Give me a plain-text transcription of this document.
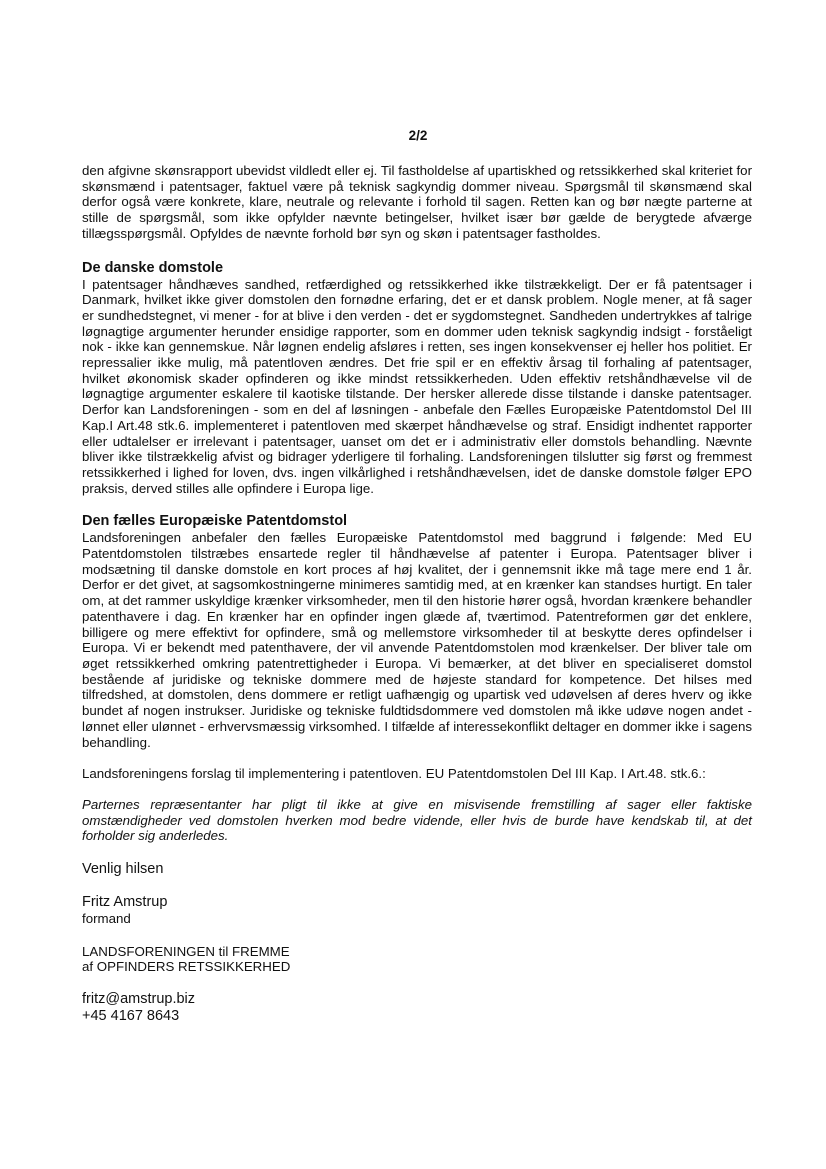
2/2

den afgivne skønsrapport ubevidst vildledt eller ej. Til fastholdelse af upartiskhed og retssikkerhed skal kriteriet for skønsmænd i patentsager, faktuel være på teknisk sagkyndig dommer niveau. Spørgsmål til skønsmænd skal derfor også være konkrete, klare, neutrale og relevante i forhold til sagen. Retten kan og bør nægte parterne at stille de spørgsmål, som ikke opfylder nævnte betingelser, hvilket især bør gælde de berygtede afværge tillægsspørgsmål. Opfyldes de nævnte forhold bør syn og skøn i patentsager fastholdes.

De danske domstole

I patentsager håndhæves sandhed, retfærdighed og retssikkerhed ikke tilstrækkeligt. Der er få patentsager i Danmark, hvilket ikke giver domstolen den fornødne erfaring, det er et dansk problem. Nogle mener, at få sager er sundhedstegnet, vi mener - for at blive i den verden - det er sygdomstegnet. Sandheden undertrykkes af talrige løgnagtige argumenter herunder ensidige rapporter, som en dommer uden teknisk sagkyndig indsigt - forståeligt nok - ikke kan gennemskue. Når løgnen endelig afsløres i retten, ses ingen konsekvenser ej heller hos politiet. Er repressalier ikke mulig, må patentloven ændres. Det frie spil er en effektiv årsag til forhaling af patentsager, hvilket økonomisk skader opfinderen og ikke mindst retssikkerheden. Uden effektiv retshåndhævelse vil de løgnagtige argumenter eskalere til kaotiske tilstande. Der hersker allerede disse tilstande i danske patentsager. Derfor kan Landsforeningen - som en del af løsningen - anbefale den Fælles Europæiske Patentdomstol Del III Kap.I Art.48 stk.6. implementeret i patentloven med skærpet håndhævelse og straf. Ensidigt indhentet rapporter eller udtalelser er irrelevant i patentsager, uanset om det er i administrativ eller domstols behandling. Nævnte bliver ikke tilstrækkelig afvist og bidrager yderligere til forhaling. Landsforeningen tilslutter sig først og fremmest retssikkerhed i lighed for loven, dvs. ingen vilkårlighed i retshåndhævelsen, idet de danske domstole følger EPO praksis, derved stilles alle opfindere i Europa lige.

Den fælles Europæiske Patentdomstol

Landsforeningen anbefaler den fælles Europæiske Patentdomstol med baggrund i følgende: Med EU Patentdomstolen tilstræbes ensartede regler til håndhævelse af patenter i Europa. Patentsager bliver i modsætning til danske domstole en kort proces af høj kvalitet, der i gennemsnit ikke må tage mere end 1 år. Derfor er det givet, at sagsomkostningerne minimeres samtidig med, at en krænker kan standses hurtigt. En taler om, at det rammer uskyldige krænker virksomheder, men til den historie hører også, hvordan krænkere behandler patenthavere i dag. En krænker har en opfinder ingen glæde af, tværtimod. Patentreformen gør det enklere, billigere og mere effektivt for opfindere, små og mellemstore virksomheder til at beskytte deres opfindelser i Europa. Vi er bekendt med patenthavere, der vil anvende Patentdomstolen mod krænkelser. Der bliver tale om øget retssikkerhed omkring patentrettigheder i Europa. Vi bemærker, at det bliver en specialiseret domstol bestående af juridiske og tekniske dommere med de højeste standard for kompetence. Det hilses med tilfredshed, at domstolen, dens dommere er retligt uafhængig og upartisk ved udøvelsen af deres hverv og ikke bundet af nogen instrukser. Juridiske og tekniske fuldtidsdommere ved domstolen må ikke udøve nogen andet - lønnet eller ulønnet - erhvervsmæssig virksomhed. I tilfælde af interessekonflikt deltager en dommer ikke i sagens behandling.

Landsforeningens forslag til implementering i patentloven. EU Patentdomstolen Del III Kap. I Art.48. stk.6.:

Parternes repræsentanter har pligt til ikke at give en misvisende fremstilling af sager eller faktiske omstændigheder ved domstolen hverken mod bedre vidende, eller hvis de burde have kendskab til, at det forholder sig anderledes.

Venlig hilsen

Fritz Amstrup

formand

LANDSFORENINGEN til FREMME

af OPFINDERS RETSSIKKERHED

fritz@amstrup.biz

+45 4167 8643
